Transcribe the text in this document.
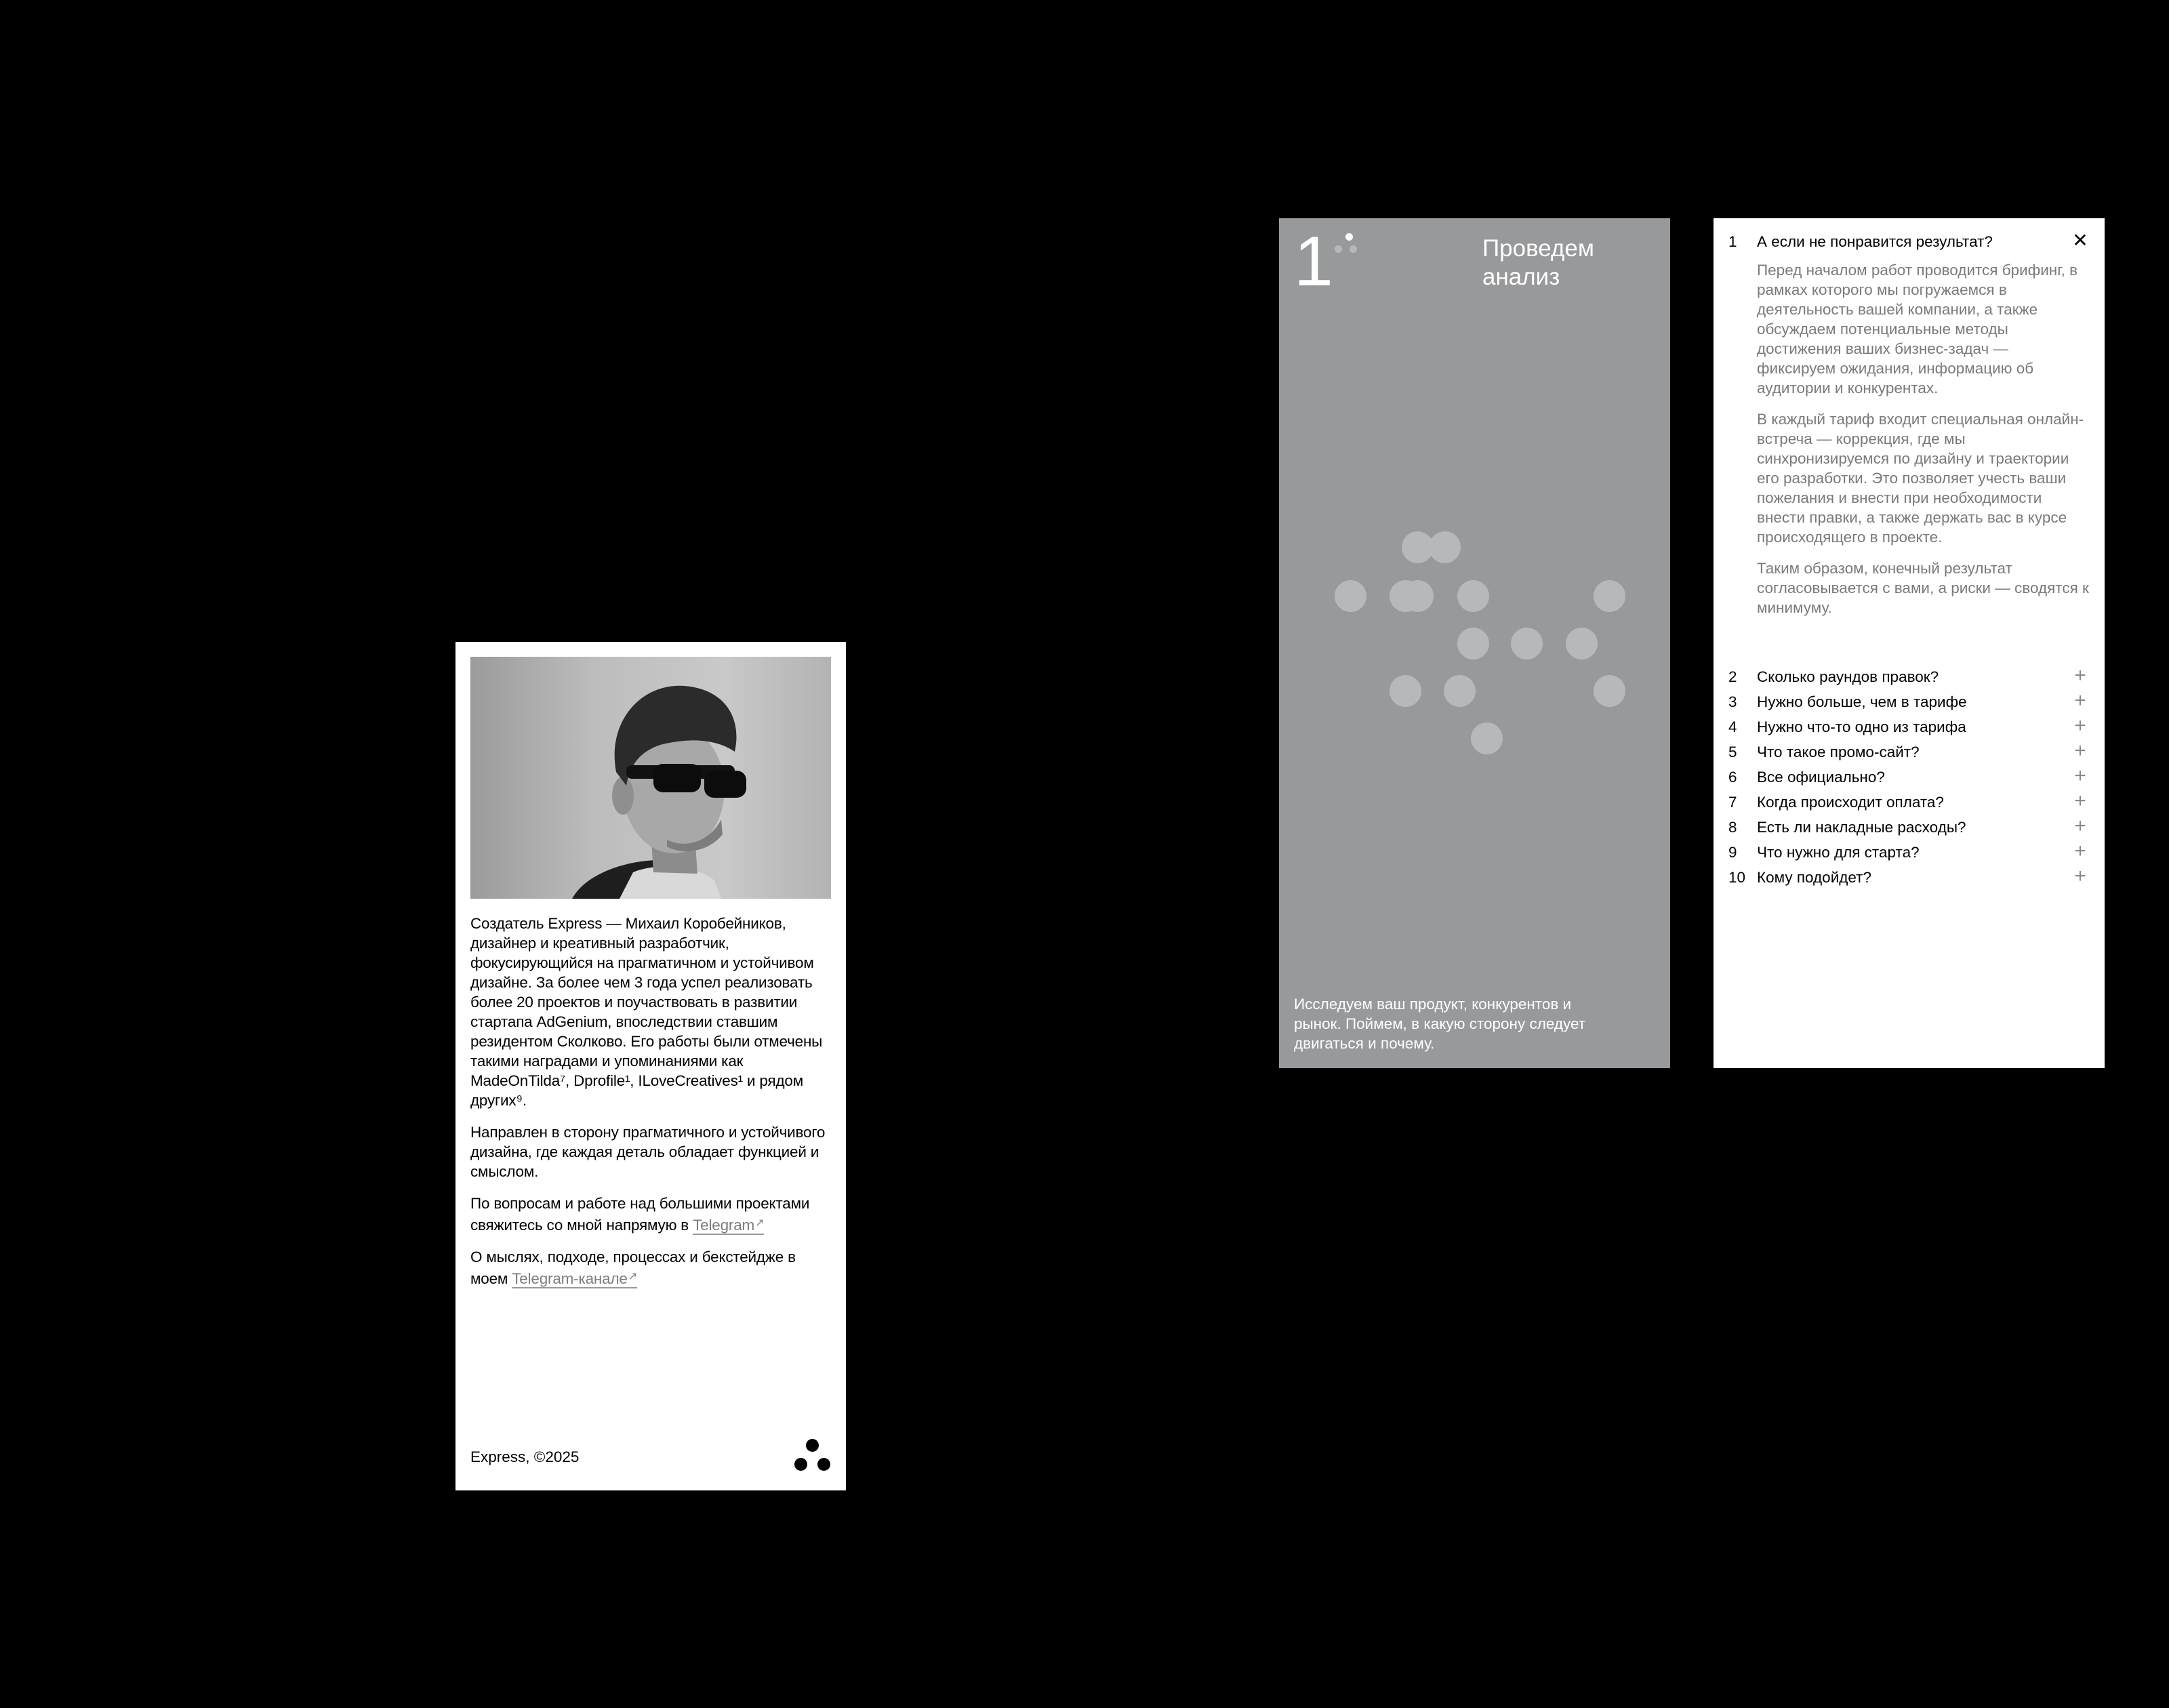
Создатель Express — Михаил Коробейников, дизайнер и креативный разработчик, фокусирующийся на прагматичном и устойчивом дизайне. За более чем 3 года успел реализовать более 20 проектов и поучаствовать в развитии стартапа AdGenium, впоследствии ставшим резидентом Сколково. Его работы были отмечены такими наградами и упоминаниями как MadeOnTilda⁷, Dprofile¹, ILoveCreatives¹ и рядом других⁹.

Направлен в сторону прагматичного и устойчивого дизайна, где каждая деталь обладает функцией и смыслом.

По вопросам и работе над большими проектами свяжитесь со мной напрямую в Telegram↗

О мыслях, подходе, процессах и бекстейдже в моем Telegram-канале↗

Express, ©2025
1	Проведем анализ
Исследуем ваш продукт, конкурентов и рынок. Поймем, в какую сторону следует двигаться и почему.
1	А если не понравится результат?	✕

Перед началом работ проводится брифинг, в рамках которого мы погружаемся в деятельность вашей компании, а также обсуждаем потенциальные методы достижения ваших бизнес-задач — фиксируем ожидания, информацию об аудитории и конкурентах.

В каждый тариф входит специальная онлайн-встреча — коррекция, где мы синхронизируемся по дизайну и траектории его разработки. Это позволяет учесть ваши пожелания и внести при необходимости внести правки, а также держать вас в курсе происходящего в проекте.

Таким образом, конечный результат согласовывается с вами, а риски — сводятся к минимуму.

2	Сколько раундов правок?	+
3	Нужно больше, чем в тарифе	+
4	Нужно что-то одно из тарифа	+
5	Что такое промо-сайт?	+
6	Все официально?	+
7	Когда происходит оплата?	+
8	Есть ли накладные расходы?	+
9	Что нужно для старта?	+
10 Кому подойдет?	+
